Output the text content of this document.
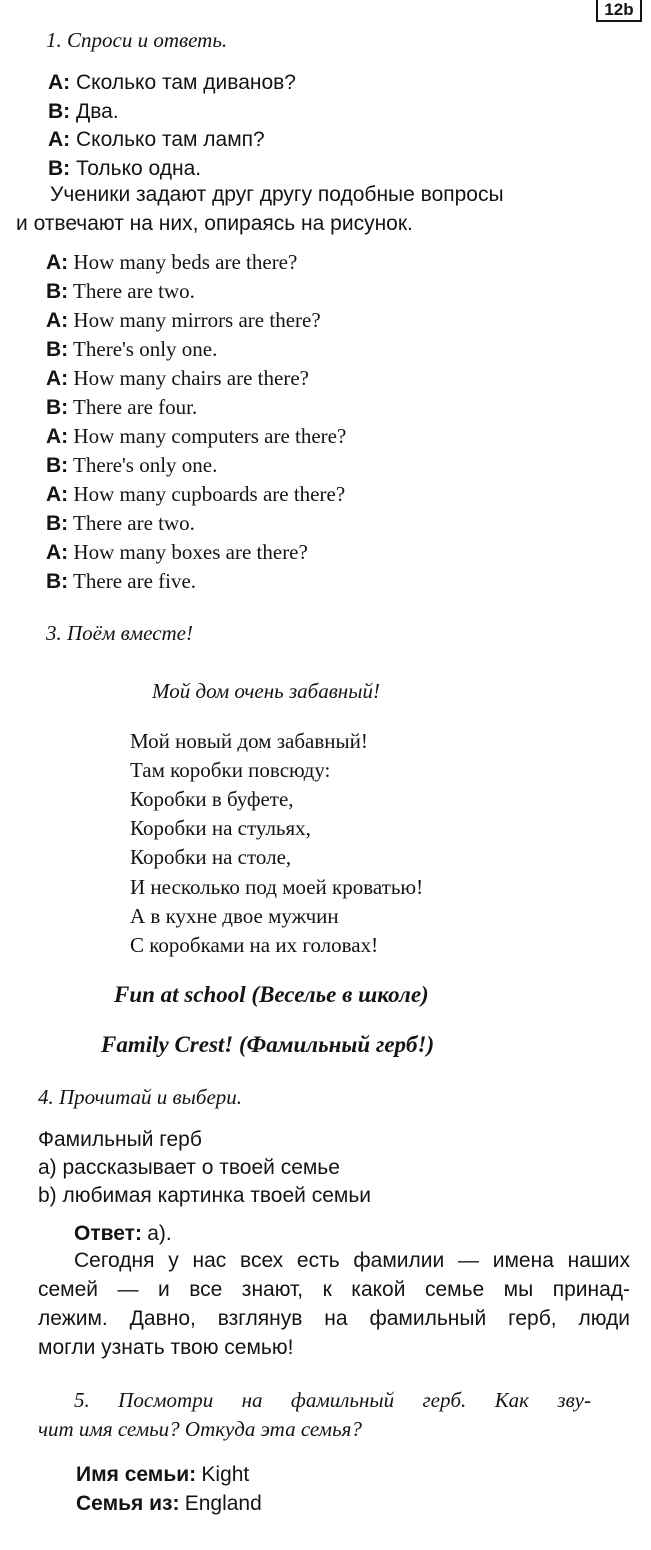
12b
1. Спроси и ответь.
A: Сколько там диванов?
B: Два.
A: Сколько там ламп?
B: Только одна.
Ученики задают друг другу подобные вопросы
и отвечают на них, опираясь на рисунок.
A: How many beds are there?
B: There are two.
A: How many mirrors are there?
B: There's only one.
A: How many chairs are there?
B: There are four.
A: How many computers are there?
B: There's only one.
A: How many cupboards are there?
B: There are two.
A: How many boxes are there?
B: There are five.
3. Поём вместе!
Мой дом очень забавный!
Мой новый дом забавный!
Там коробки повсюду:
Коробки в буфете,
Коробки на стульях,
Коробки на столе,
И несколько под моей кроватью!
А в кухне двое мужчин
С коробками на их головах!
Fun at school (Веселье в школе)
Family Crest! (Фамильный герб!)
4. Прочитай и выбери.
Фамильный герб
а) рассказывает о твоей семье
b) любимая картинка твоей семьи
Ответ: а).
Сегодня у нас всех есть фамилии — имена наших
семей — и все знают, к какой семье мы принад-
лежим. Давно, взглянув на фамильный герб, люди
могли узнать твою семью!
5. Посмотри на фамильный герб. Как зву-
чит имя семьи? Откуда эта семья?
Имя семьи: Kight
Семья из: England
